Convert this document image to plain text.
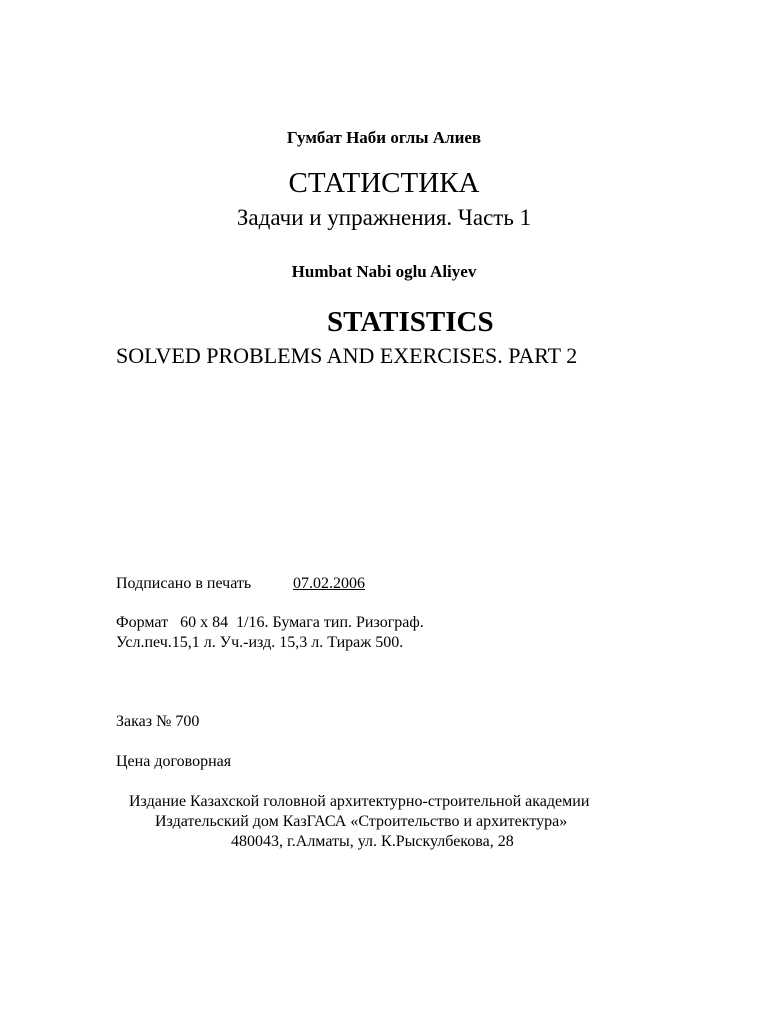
Гумбат Наби оглы Алиев
СТАТИСТИКА
Задачи и упражнения. Часть 1
Humbat Nabi oglu Aliyev
STATISTICS
SOLVED PROBLEMS AND EXERCISES. PART 2
Подписано в печать	07.02.2006
Формат   60 х 84  1/16. Бумага тип. Ризограф.
Усл.печ.15,1 л. Уч.-изд. 15,3 л. Тираж 500.
Заказ № 700
Цена договорная
Издание Казахской головной архитектурно-строительной академии
Издательский дом КазГАСА «Строительство и архитектура»
480043, г.Алматы, ул. К.Рыскулбекова, 28
